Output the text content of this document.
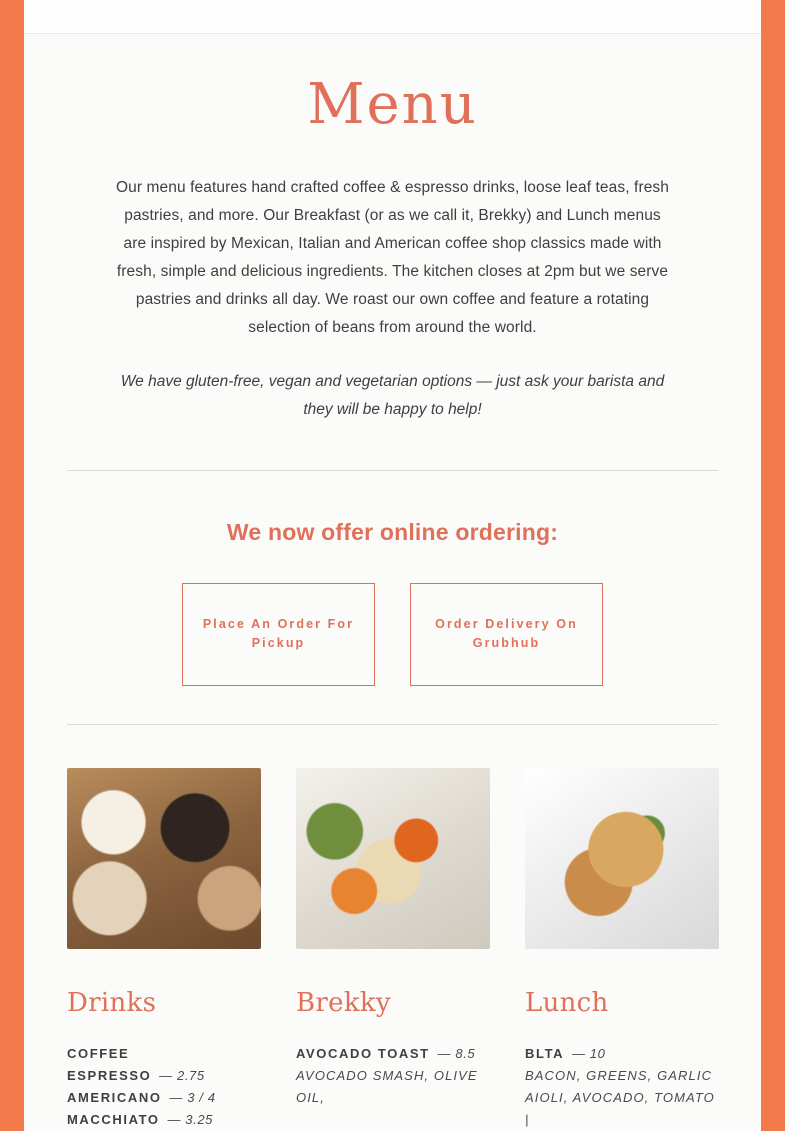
Menu

Our menu features hand crafted coffee & espresso drinks, loose leaf teas, fresh pastries, and more. Our Breakfast (or as we call it, Brekky) and Lunch menus are inspired by Mexican, Italian and American coffee shop classics made with fresh, simple and delicious ingredients. The kitchen closes at 2pm but we serve pastries and drinks all day. We roast our own coffee and feature a rotating selection of beans from around the world.

We have gluten-free, vegan and vegetarian options — just ask your barista and they will be happy to help!

We now offer online ordering:
Place An Order For Pickup
Order Delivery On Grubhub
Drinks
COFFEE
ESPRESSO  — 2.75
AMERICANO  — 3 / 4
MACCHIATO  — 3.25
Brekky
AVOCADO TOAST  — 8.5
AVOCADO SMASH, OLIVE OIL,
Lunch
BLTA  — 10
BACON, GREENS, GARLIC AIOLI, AVOCADO, TOMATO |
